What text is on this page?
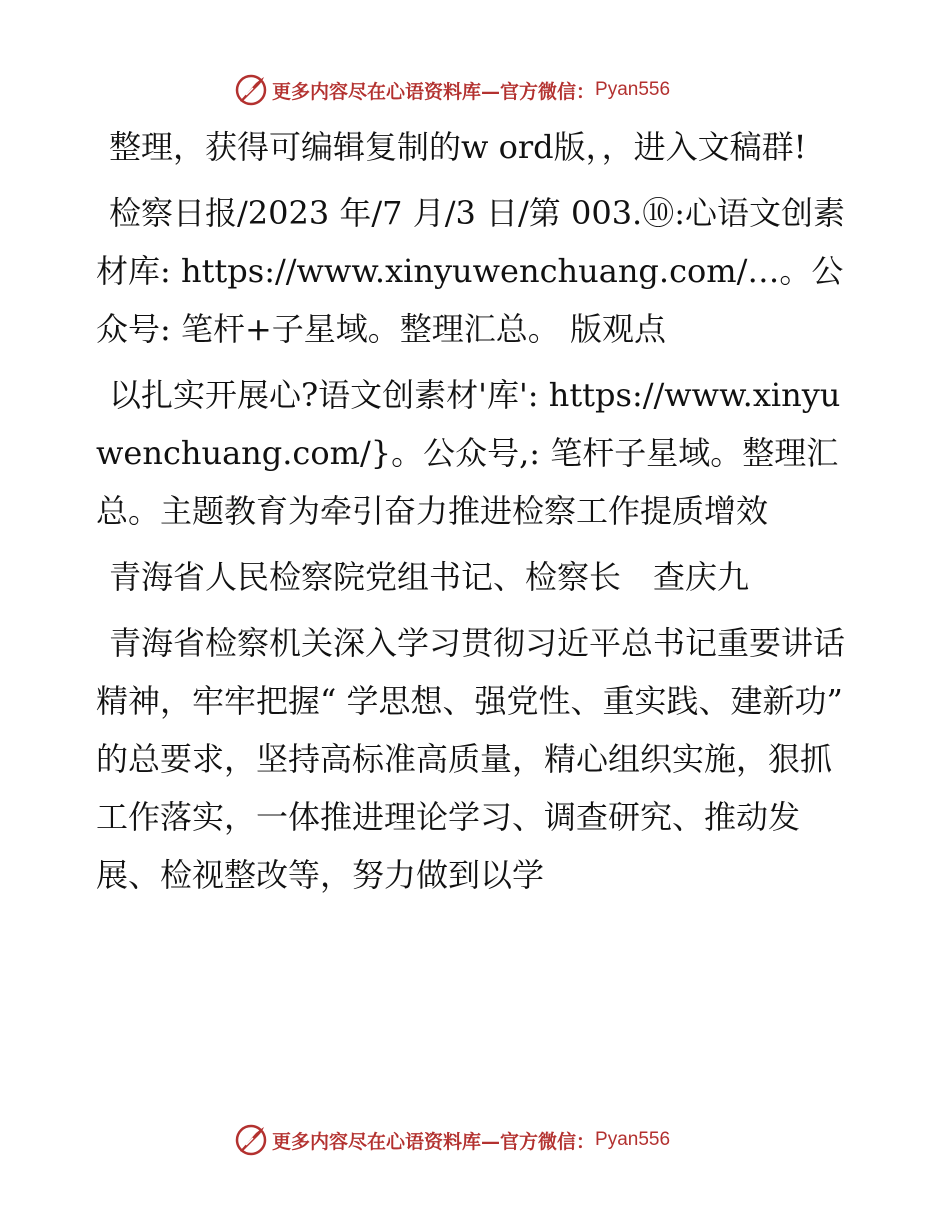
更多内容尽在心语资料库—官方微信： Pyan556

整理，获得可编辑复制的w ord版，，进入文稿群!

检察日报/2023 年/7 月/3 日/第 003.⑩:心语文创素材库: https://www.xinyuwenchuang.com/…。公众号: 笔杆+子星域。整理汇总。 版观点

以扎实开展心?语文创素材'库': https://www.xinyuwenchuang.com/}。公众号,: 笔杆子星域。整理汇总。主题教育为牵引奋力推进检察工作提质增效

青海省人民检察院党组书记、检察长　查庆九

青海省检察机关深入学习贯彻习近平总书记重要讲话精神，牢牢把握“ 学思想、强党性、重实践、建新功” 的总要求，坚持高标准高质量，精心组织实施，狠抓工作落实，一体推进理论学习、调查研究、推动发展、检视整改等，努力做到以学

更多内容尽在心语资料库—官方微信： Pyan556
